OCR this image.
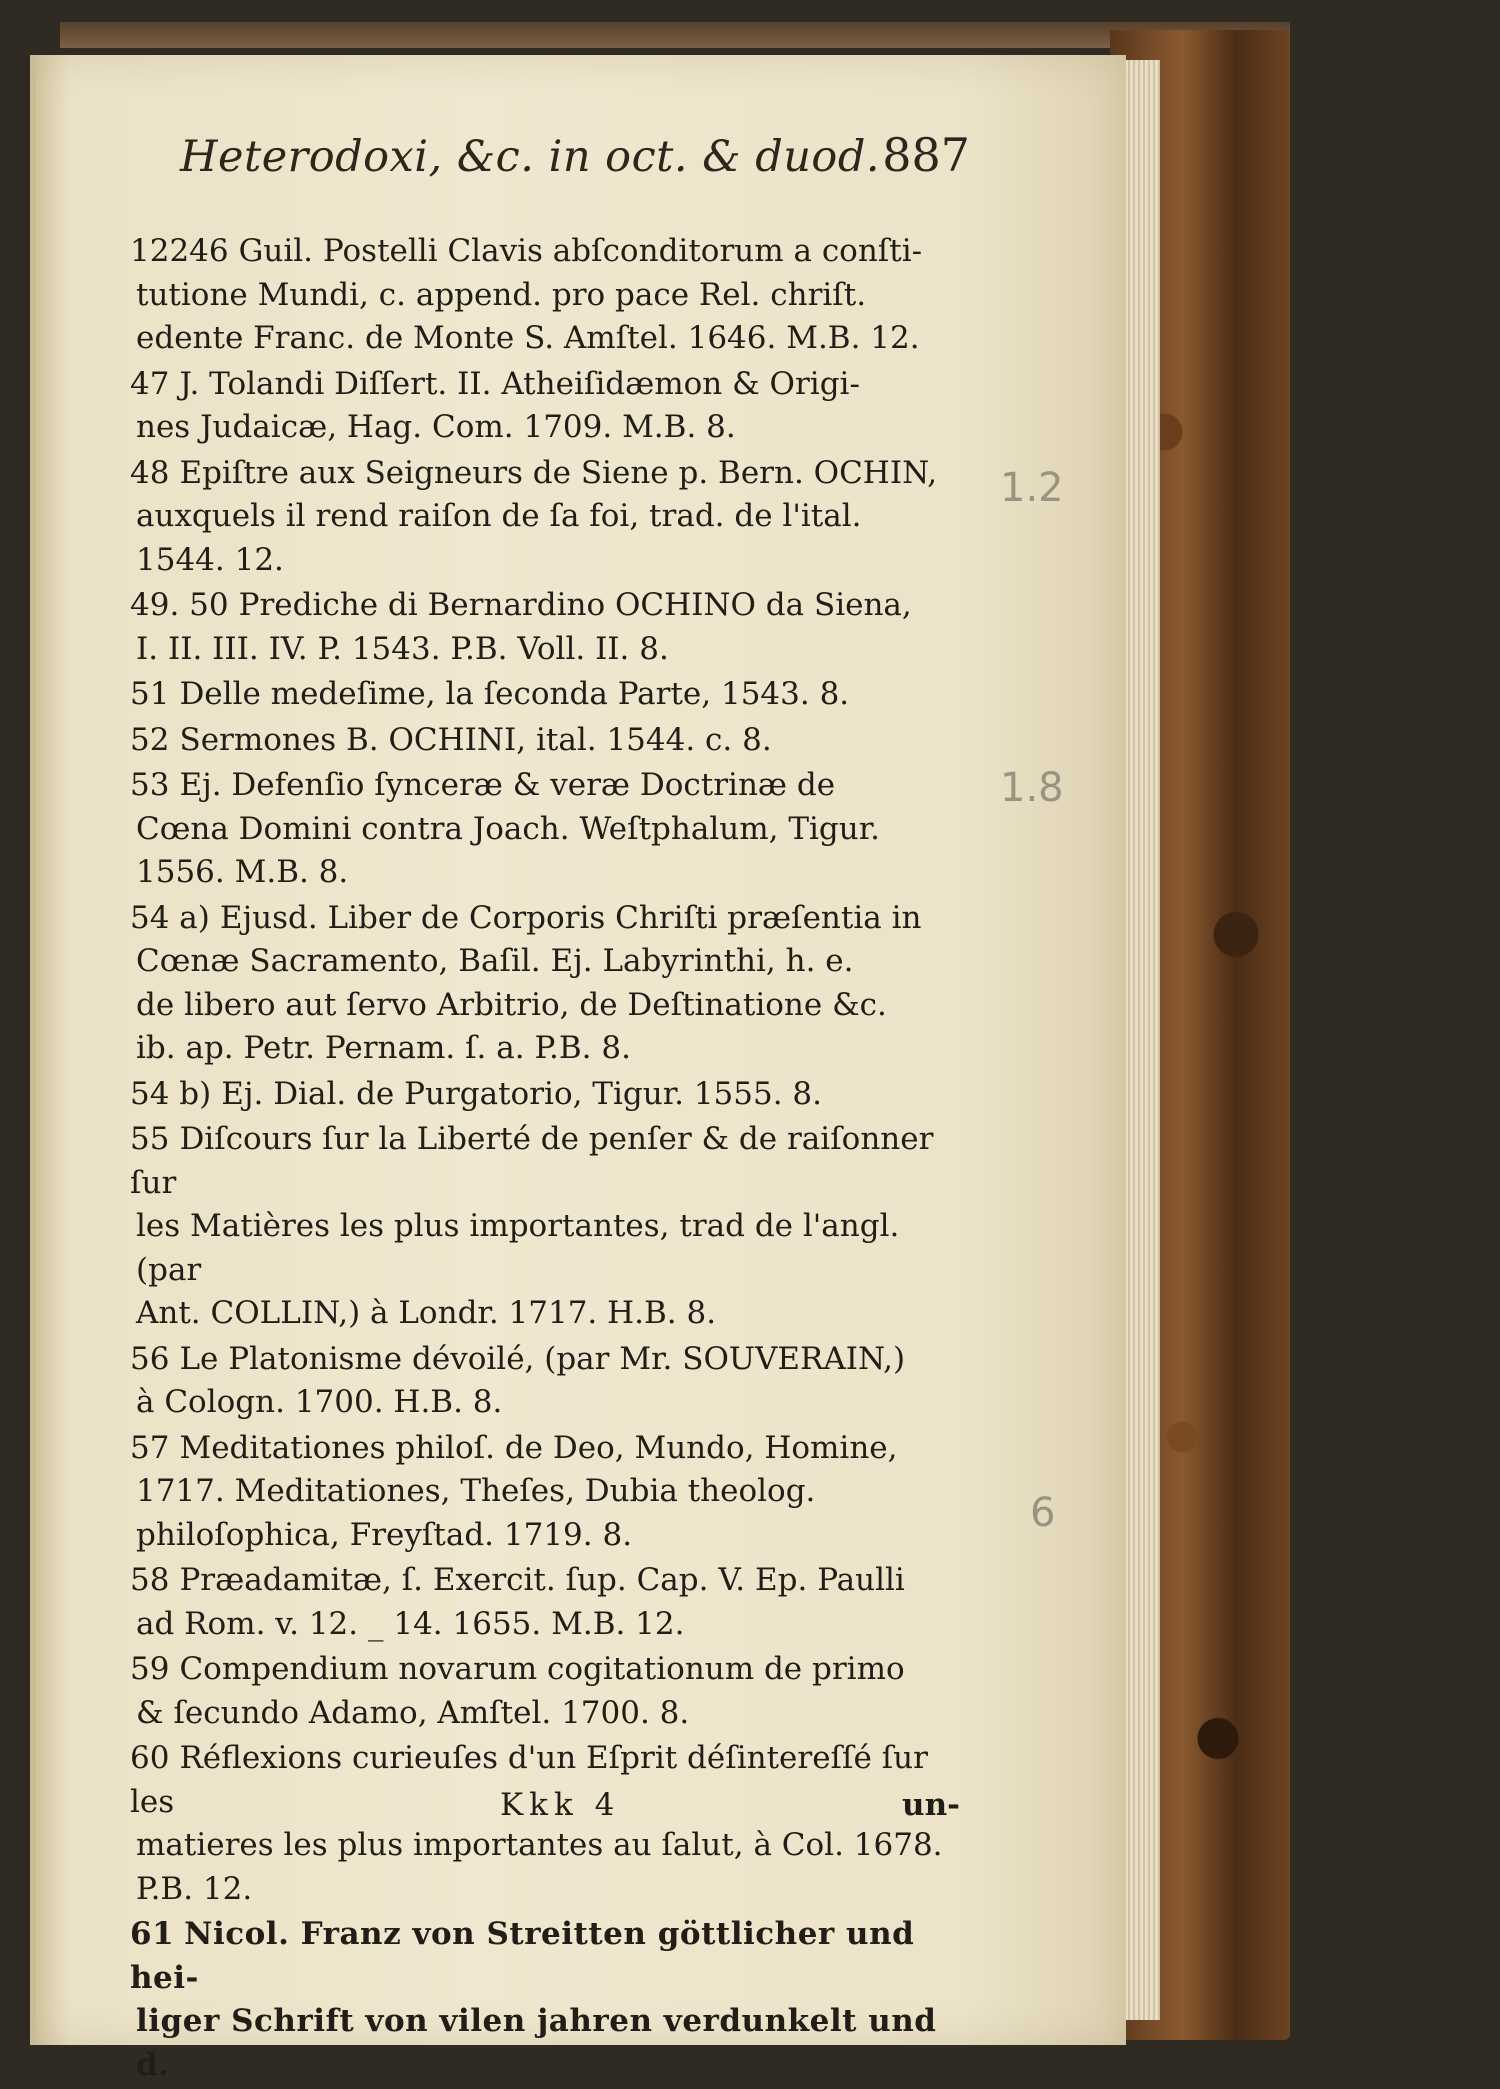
Heterodoxi, &c. in oct. & duod. 887
12246 Guil. Postelli Clavis abſconditorum a conſti-
tutione Mundi, c. append. pro pace Rel. chriſt.
edente Franc. de Monte S. Amſtel. 1646. M.B. 12.
47 J. Tolandi Diſſert. II. Atheiſidæmon & Origi-
nes Judaicæ, Hag. Com. 1709. M.B. 8.
48 Epiſtre aux Seigneurs de Siene p. Bern. OCHIN,
auxquels il rend raiſon de ſa foi, trad. de l'ital.
1544. 12.
49. 50 Prediche di Bernardino OCHINO da Siena,
I. II. III. IV. P. 1543. P.B. Voll. II. 8.
51 Delle medeſime, la ſeconda Parte, 1543. 8.
52 Sermones B. OCHINI, ital. 1544. c. 8.
53 Ej. Defenſio ſynceræ & veræ Doctrinæ de
Cœna Domini contra Joach. Weſtphalum, Tigur.
1556. M.B. 8.
54 a) Ejusd. Liber de Corporis Chriſti præſentia in
Cœnæ Sacramento, Baſil. Ej. Labyrinthi, h. e.
de libero aut ſervo Arbitrio, de Deſtinatione &c.
ib. ap. Petr. Pernam. ſ. a. P.B. 8.
54 b) Ej. Dial. de Purgatorio, Tigur. 1555. 8.
55 Diſcours ſur la Liberté de penſer & de raiſonner ſur
les Matières les plus importantes, trad de l'angl. (par
Ant. COLLIN,) à Londr. 1717. H.B. 8.
56 Le Platonisme dévoilé, (par Mr. SOUVERAIN,)
à Cologn. 1700. H.B. 8.
57 Meditationes philoſ. de Deo, Mundo, Homine,
1717. Meditationes, Theſes, Dubia theolog.
philoſophica, Freyſtad. 1719. 8.
58 Præadamitæ, ſ. Exercit. ſup. Cap. V. Ep. Paulli
ad Rom. v. 12. _ 14. 1655. M.B. 12.
59 Compendium novarum cogitationum de primo
& ſecundo Adamo, Amſtel. 1700. 8.
60 Réflexions curieuſes d'un Eſprit déſintereſſé ſur les
matieres les plus importantes au ſalut, à Col. 1678.
P.B. 12.
61 Nicol. Franz von Streitten göttlicher und hei-
liger Schrift von vilen jahren verdunkelt und d.
Kkk 4	un-
1.2
1.8
6
